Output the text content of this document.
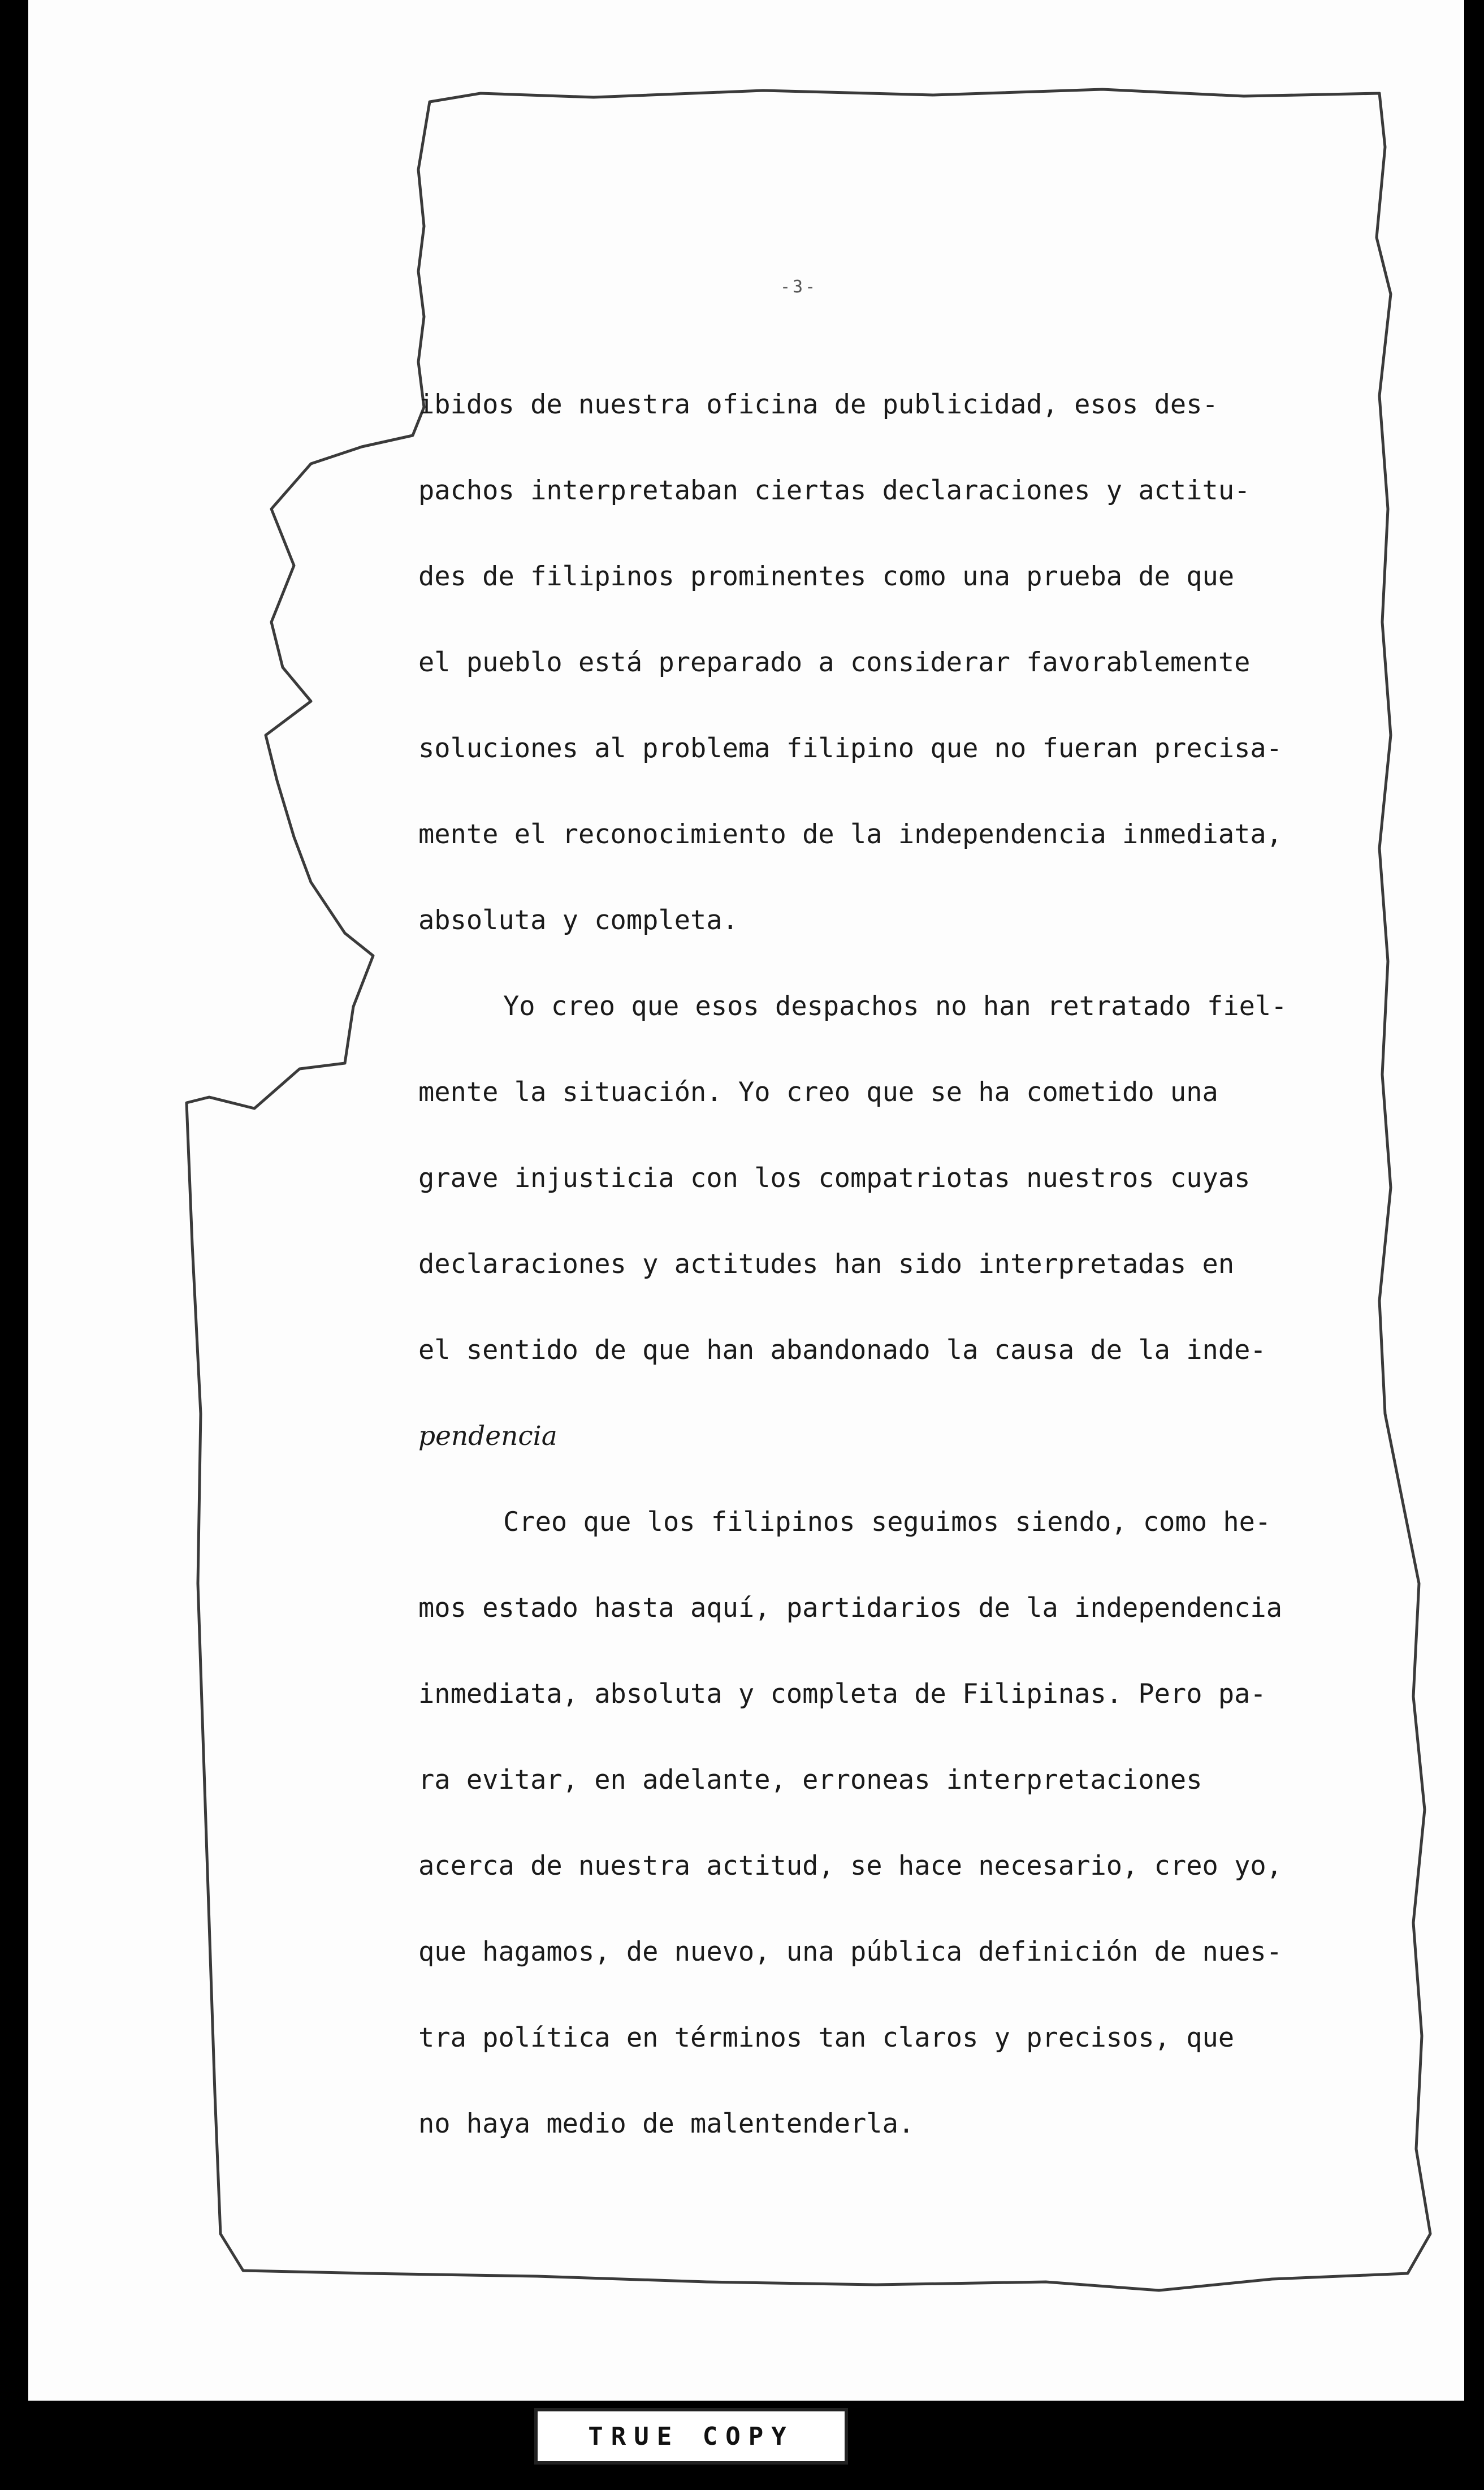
-3-
ibidos de nuestra oficina de publicidad, esos des-
pachos interpretaban ciertas declaraciones y actitu-
des de filipinos prominentes como una prueba de que
el pueblo está preparado a considerar favorablemente
soluciones al problema filipino que no fueran precisa-
mente el reconocimiento de la independencia inmediata,
absoluta y completa.
Yo creo que esos despachos no han retratado fiel-
mente la situación. Yo creo que se ha cometido una
grave injusticia con los compatriotas nuestros cuyas
declaraciones y actitudes han sido interpretadas en
el sentido de que han abandonado la causa de la inde-
pendencia
Creo que los filipinos seguimos siendo, como he-
mos estado hasta aquí, partidarios de la independencia
inmediata, absoluta y completa de Filipinas. Pero pa-
ra evitar, en adelante, erroneas interpretaciones
acerca de nuestra actitud, se hace necesario, creo yo,
que hagamos, de nuevo, una pública definición de nues-
tra política en términos tan claros y precisos, que
no haya medio de malentenderla.
TRUE COPY
